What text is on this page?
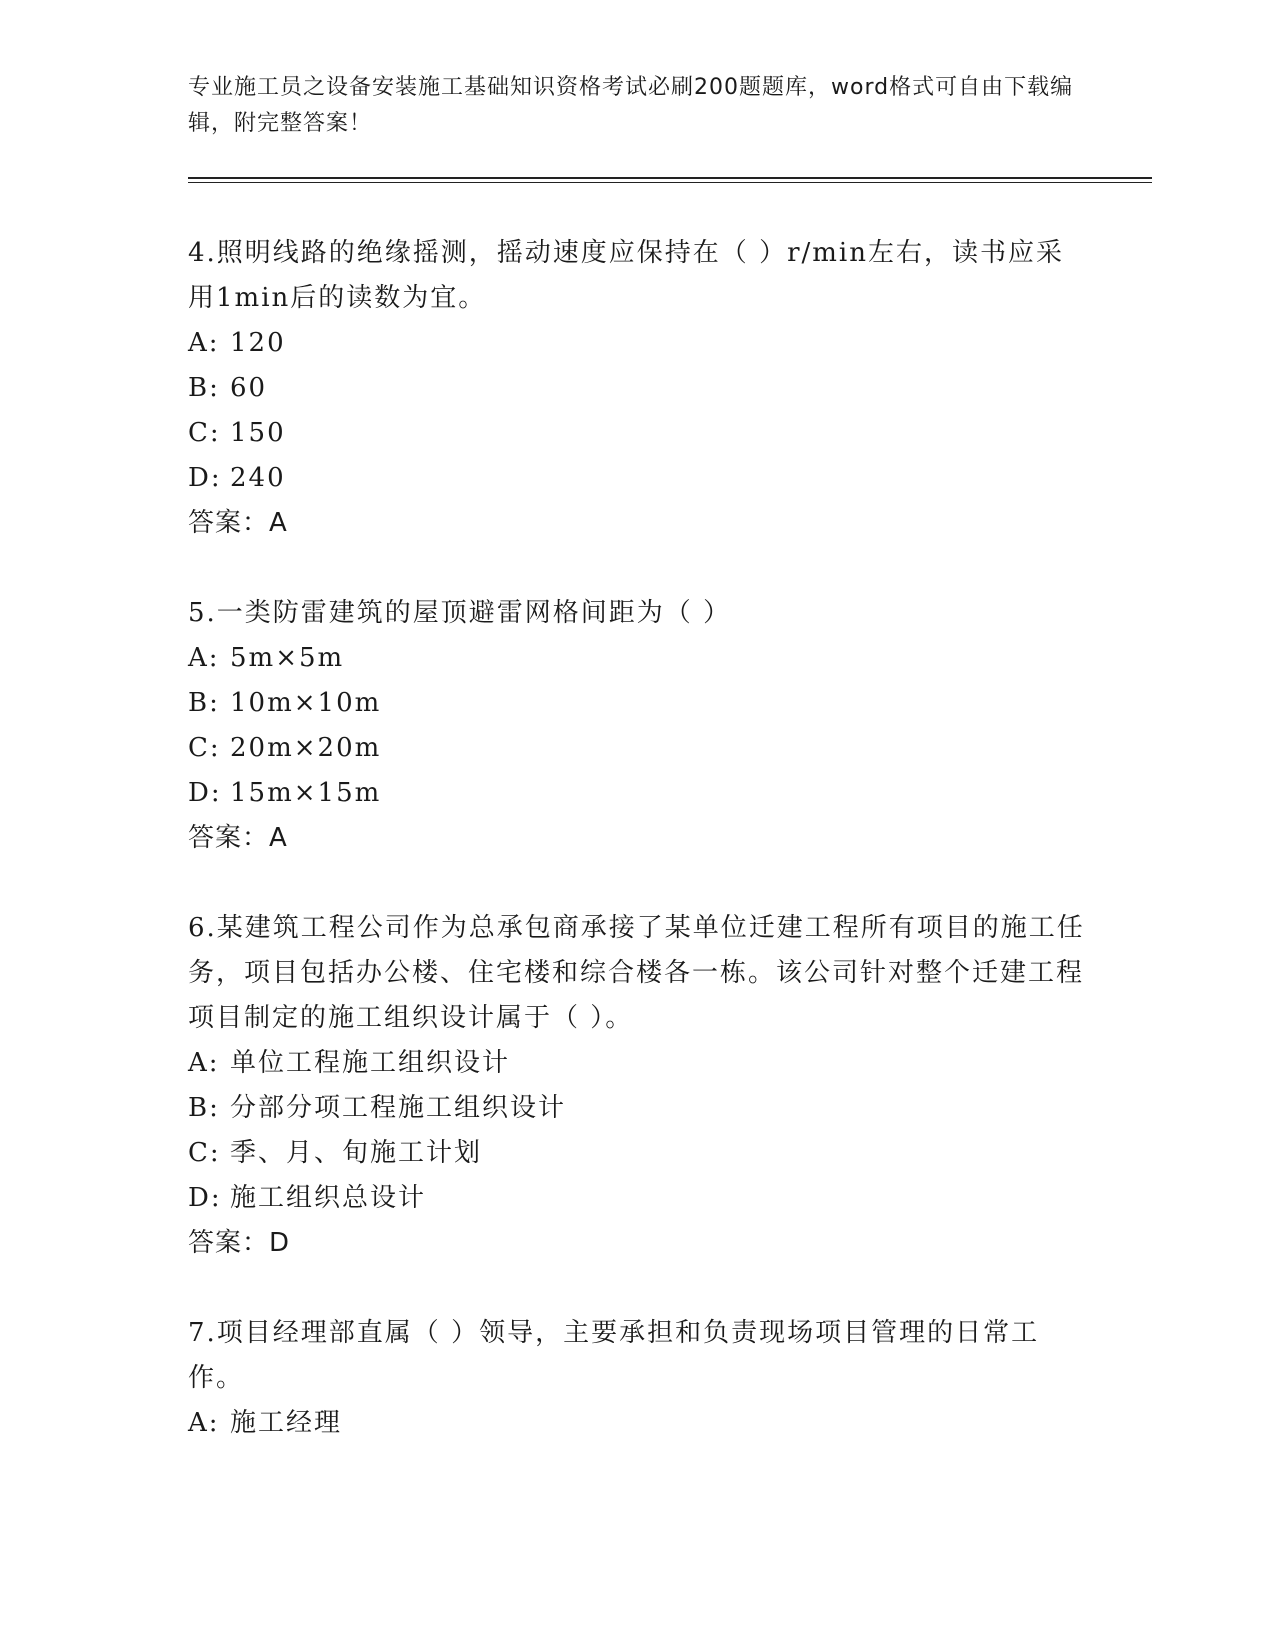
专业施工员之设备安装施工基础知识资格考试必刷200题题库，word格式可自由下载编辑，附完整答案！
4.照明线路的绝缘摇测，摇动速度应保持在（ ）r/min左右，读书应采用1min后的读数为宜。
A: 120
B: 60
C: 150
D: 240
答案：A
5.一类防雷建筑的屋顶避雷网格间距为（ ）
A: 5m×5m
B: 10m×10m
C: 20m×20m
D: 15m×15m
答案：A
6.某建筑工程公司作为总承包商承接了某单位迁建工程所有项目的施工任务，项目包括办公楼、住宅楼和综合楼各一栋。该公司针对整个迁建工程项目制定的施工组织设计属于（ ）。
A: 单位工程施工组织设计
B: 分部分项工程施工组织设计
C: 季、月、旬施工计划
D: 施工组织总设计
答案：D
7.项目经理部直属（ ）领导，主要承担和负责现场项目管理的日常工作。
A: 施工经理
